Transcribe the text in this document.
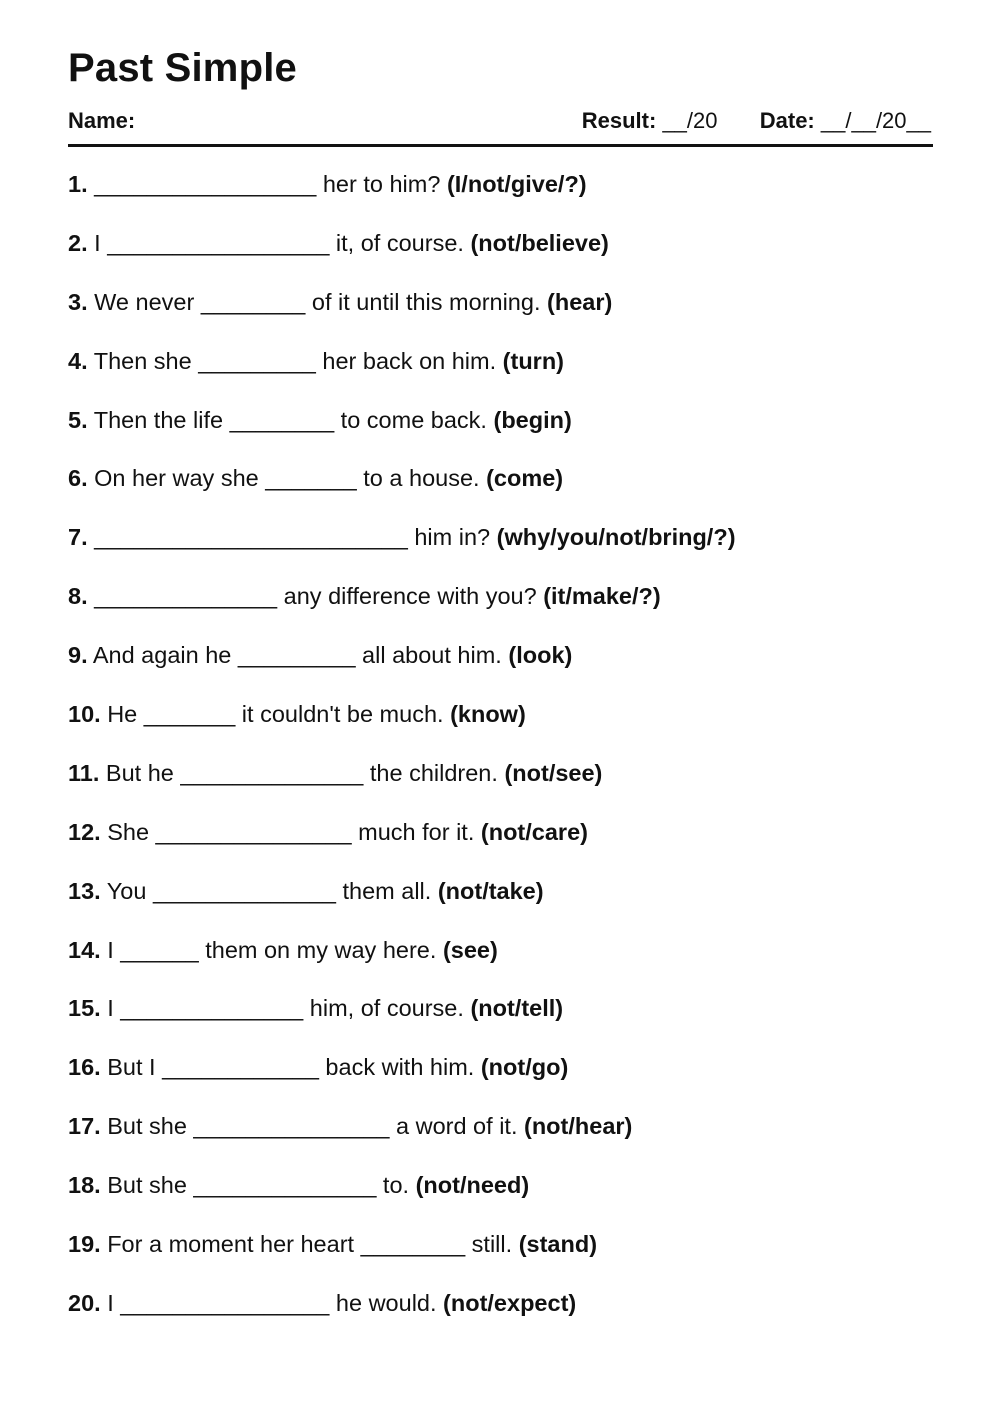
Past Simple
Name:	Result: __/20 Date: __/__/20__
1. _________________ her to him? (I/not/give/?)
2. I _________________ it, of course. (not/believe)
3. We never ________ of it until this morning. (hear)
4. Then she _________ her back on him. (turn)
5. Then the life ________ to come back. (begin)
6. On her way she _______ to a house. (come)
7. ________________________ him in? (why/you/not/bring/?)
8. ______________ any difference with you? (it/make/?)
9. And again he _________ all about him. (look)
10. He _______ it couldn't be much. (know)
11. But he ______________ the children. (not/see)
12. She _______________ much for it. (not/care)
13. You ______________ them all. (not/take)
14. I ______ them on my way here. (see)
15. I ______________ him, of course. (not/tell)
16. But I ____________ back with him. (not/go)
17. But she _______________ a word of it. (not/hear)
18. But she ______________ to. (not/need)
19. For a moment her heart ________ still. (stand)
20. I ________________ he would. (not/expect)
